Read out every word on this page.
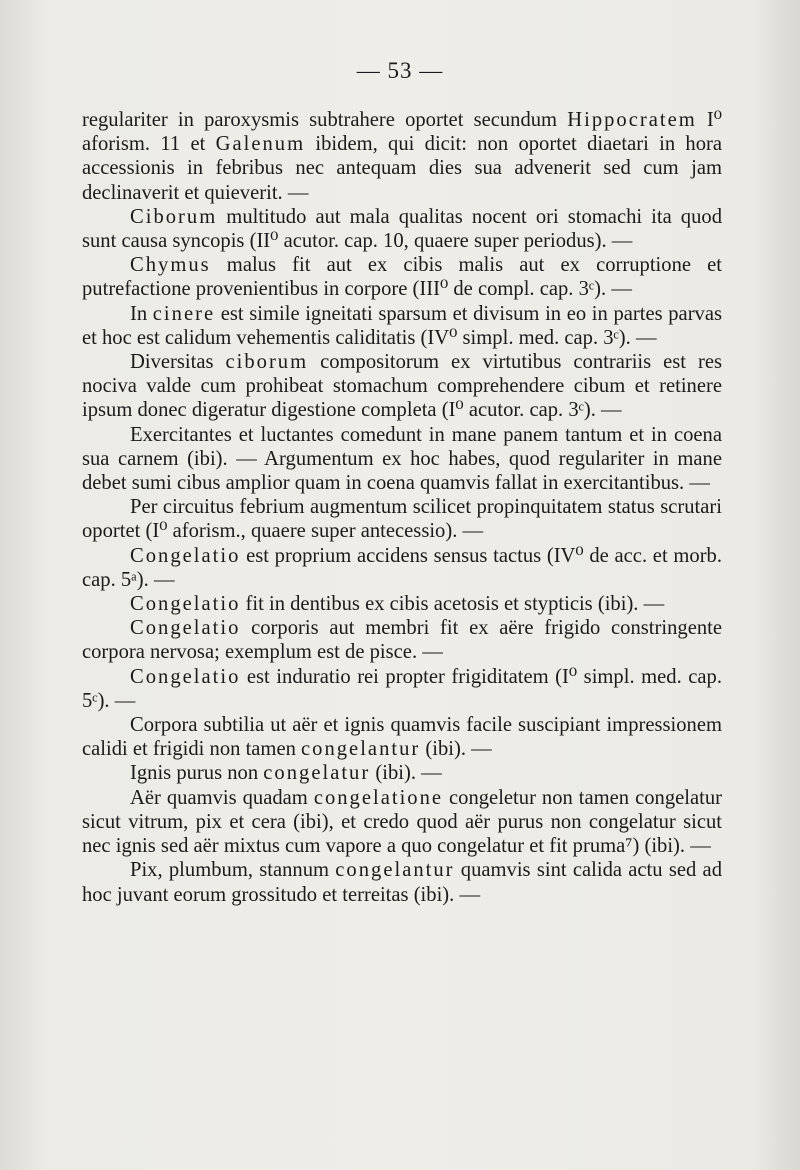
— 53 —

regulariter in paroxysmis subtrahere oportet secundum Hippocratem I⁰ aforism. 11 et Galenum ibidem, qui dicit: non oportet diaetari in hora accessionis in febribus nec antequam dies sua advenerit sed cum jam declinaverit et quieverit. —

Ciborum multitudo aut mala qualitas nocent ori stomachi ita quod sunt causa syncopis (II⁰ acutor. cap. 10, quaere super periodus). —

Chymus malus fit aut ex cibis malis aut ex corruptione et putrefactione provenientibus in corpore (III⁰ de compl. cap. 3ᶜ). —

In cinere est simile igneitati sparsum et divisum in eo in partes parvas et hoc est calidum vehementis caliditatis (IV⁰ simpl. med. cap. 3ᶜ). —

Diversitas ciborum compositorum ex virtutibus contrariis est res nociva valde cum prohibeat stomachum comprehendere cibum et retinere ipsum donec digeratur digestione completa (I⁰ acutor. cap. 3ᶜ). —

Exercitantes et luctantes comedunt in mane panem tantum et in coena sua carnem (ibi). — Argumentum ex hoc habes, quod regulariter in mane debet sumi cibus amplior quam in coena quamvis fallat in exercitantibus. —

Per circuitus febrium augmentum scilicet propinquitatem status scrutari oportet (I⁰ aforism., quaere super antecessio). —

Congelatio est proprium accidens sensus tactus (IV⁰ de acc. et morb. cap. 5ᵃ). —

Congelatio fit in dentibus ex cibis acetosis et stypticis (ibi). —

Congelatio corporis aut membri fit ex aëre frigido constringente corpora nervosa; exemplum est de pisce. —

Congelatio est induratio rei propter frigiditatem (I⁰ simpl. med. cap. 5ᶜ). —

Corpora subtilia ut aër et ignis quamvis facile suscipiant impressionem calidi et frigidi non tamen congelantur (ibi). —

Ignis purus non congelatur (ibi). —

Aër quamvis quadam congelatione congeletur non tamen congelatur sicut vitrum, pix et cera (ibi), et credo quod aër purus non congelatur sicut nec ignis sed aër mixtus cum vapore a quo congelatur et fit pruma⁷) (ibi). —

Pix, plumbum, stannum congelantur quamvis sint calida actu sed ad hoc juvant eorum grossitudo et terreitas (ibi). —
